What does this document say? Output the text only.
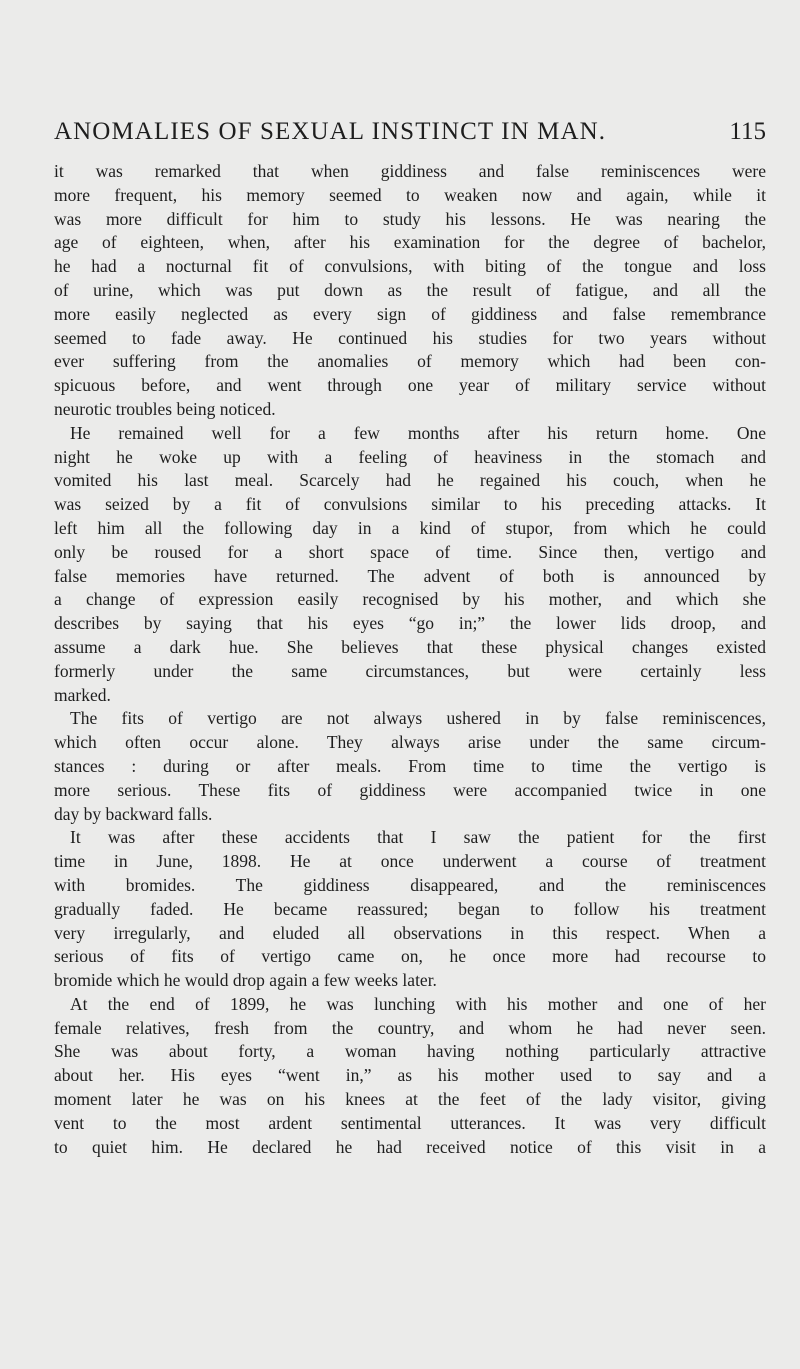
ANOMALIES OF SEXUAL INSTINCT IN MAN.	115
it was remarked that when giddiness and false reminiscences were
more frequent, his memory seemed to weaken now and again, while it
was more difficult for him to study his lessons. He was nearing the
age of eighteen, when, after his examination for the degree of bachelor,
he had a nocturnal fit of convulsions, with biting of the tongue and loss
of urine, which was put down as the result of fatigue, and all the
more easily neglected as every sign of giddiness and false remembrance
seemed to fade away. He continued his studies for two years without
ever suffering from the anomalies of memory which had been con-
spicuous before, and went through one year of military service without
neurotic troubles being noticed.
He remained well for a few months after his return home. One
night he woke up with a feeling of heaviness in the stomach and
vomited his last meal. Scarcely had he regained his couch, when he
was seized by a fit of convulsions similar to his preceding attacks. It
left him all the following day in a kind of stupor, from which he could
only be roused for a short space of time. Since then, vertigo and
false memories have returned. The advent of both is announced by
a change of expression easily recognised by his mother, and which she
describes by saying that his eyes “go in;” the lower lids droop, and
assume a dark hue. She believes that these physical changes existed
formerly under the same circumstances, but were certainly less
marked.
The fits of vertigo are not always ushered in by false reminiscences,
which often occur alone. They always arise under the same circum-
stances : during or after meals. From time to time the vertigo is
more serious. These fits of giddiness were accompanied twice in one
day by backward falls.
It was after these accidents that I saw the patient for the first
time in June, 1898. He at once underwent a course of treatment
with bromides. The giddiness disappeared, and the reminiscences
gradually faded. He became reassured; began to follow his treatment
very irregularly, and eluded all observations in this respect. When a
serious of fits of vertigo came on, he once more had recourse to
bromide which he would drop again a few weeks later.
At the end of 1899, he was lunching with his mother and one of her
female relatives, fresh from the country, and whom he had never seen.
She was about forty, a woman having nothing particularly attractive
about her. His eyes “went in,” as his mother used to say and a
moment later he was on his knees at the feet of the lady visitor, giving
vent to the most ardent sentimental utterances. It was very difficult
to quiet him. He declared he had received notice of this visit in a
